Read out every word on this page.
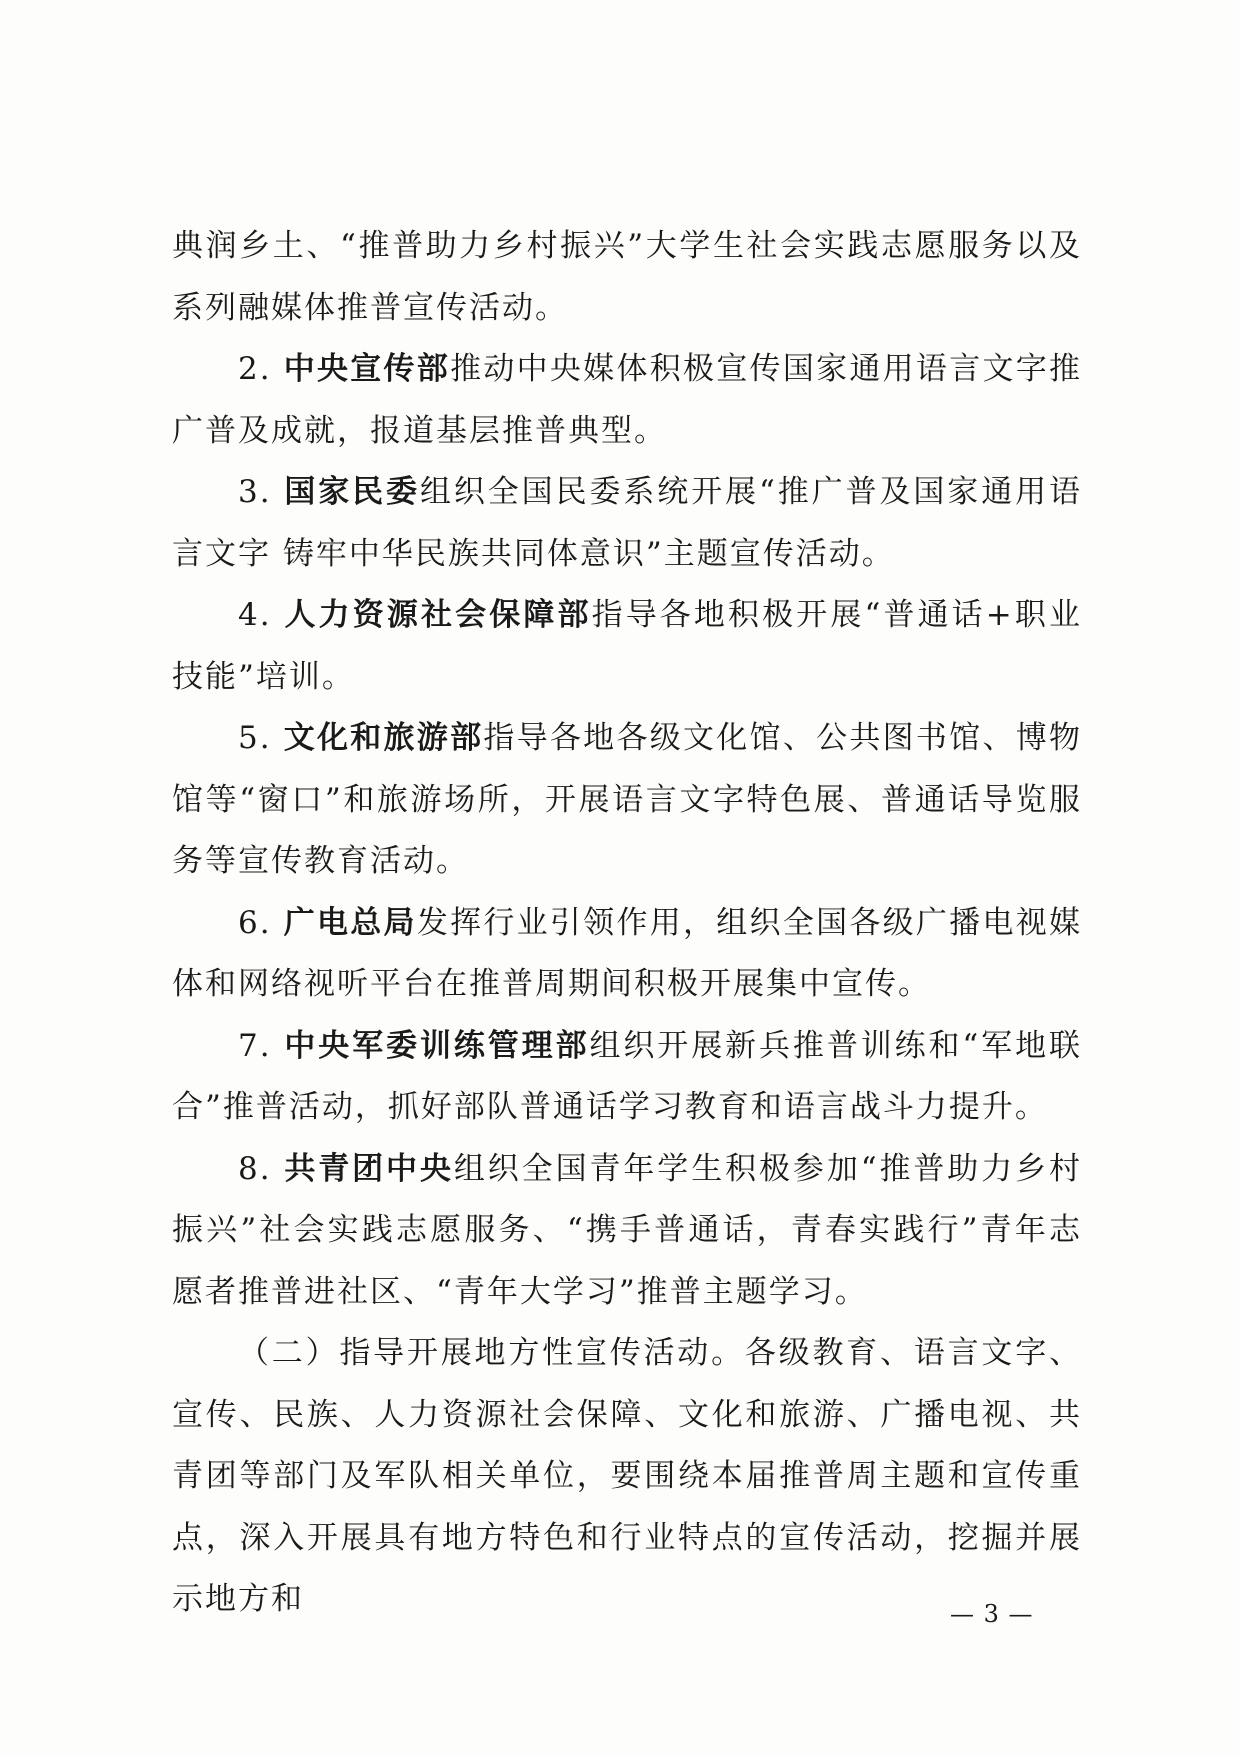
典润乡土、“推普助力乡村振兴”大学生社会实践志愿服务以及系列融媒体推普宣传活动。

2. 中央宣传部推动中央媒体积极宣传国家通用语言文字推广普及成就，报道基层推普典型。

3. 国家民委组织全国民委系统开展“推广普及国家通用语言文字 铸牢中华民族共同体意识”主题宣传活动。

4. 人力资源社会保障部指导各地积极开展“普通话+职业技能”培训。

5. 文化和旅游部指导各地各级文化馆、公共图书馆、博物馆等“窗口”和旅游场所，开展语言文字特色展、普通话导览服务等宣传教育活动。

6. 广电总局发挥行业引领作用，组织全国各级广播电视媒体和网络视听平台在推普周期间积极开展集中宣传。

7. 中央军委训练管理部组织开展新兵推普训练和“军地联合”推普活动，抓好部队普通话学习教育和语言战斗力提升。

8. 共青团中央组织全国青年学生积极参加“推普助力乡村振兴”社会实践志愿服务、“携手普通话，青春实践行”青年志愿者推普进社区、“青年大学习”推普主题学习。

（二）指导开展地方性宣传活动。各级教育、语言文字、宣传、民族、人力资源社会保障、文化和旅游、广播电视、共青团等部门及军队相关单位，要围绕本届推普周主题和宣传重点，深入开展具有地方特色和行业特点的宣传活动，挖掘并展示地方和	— 3 —
